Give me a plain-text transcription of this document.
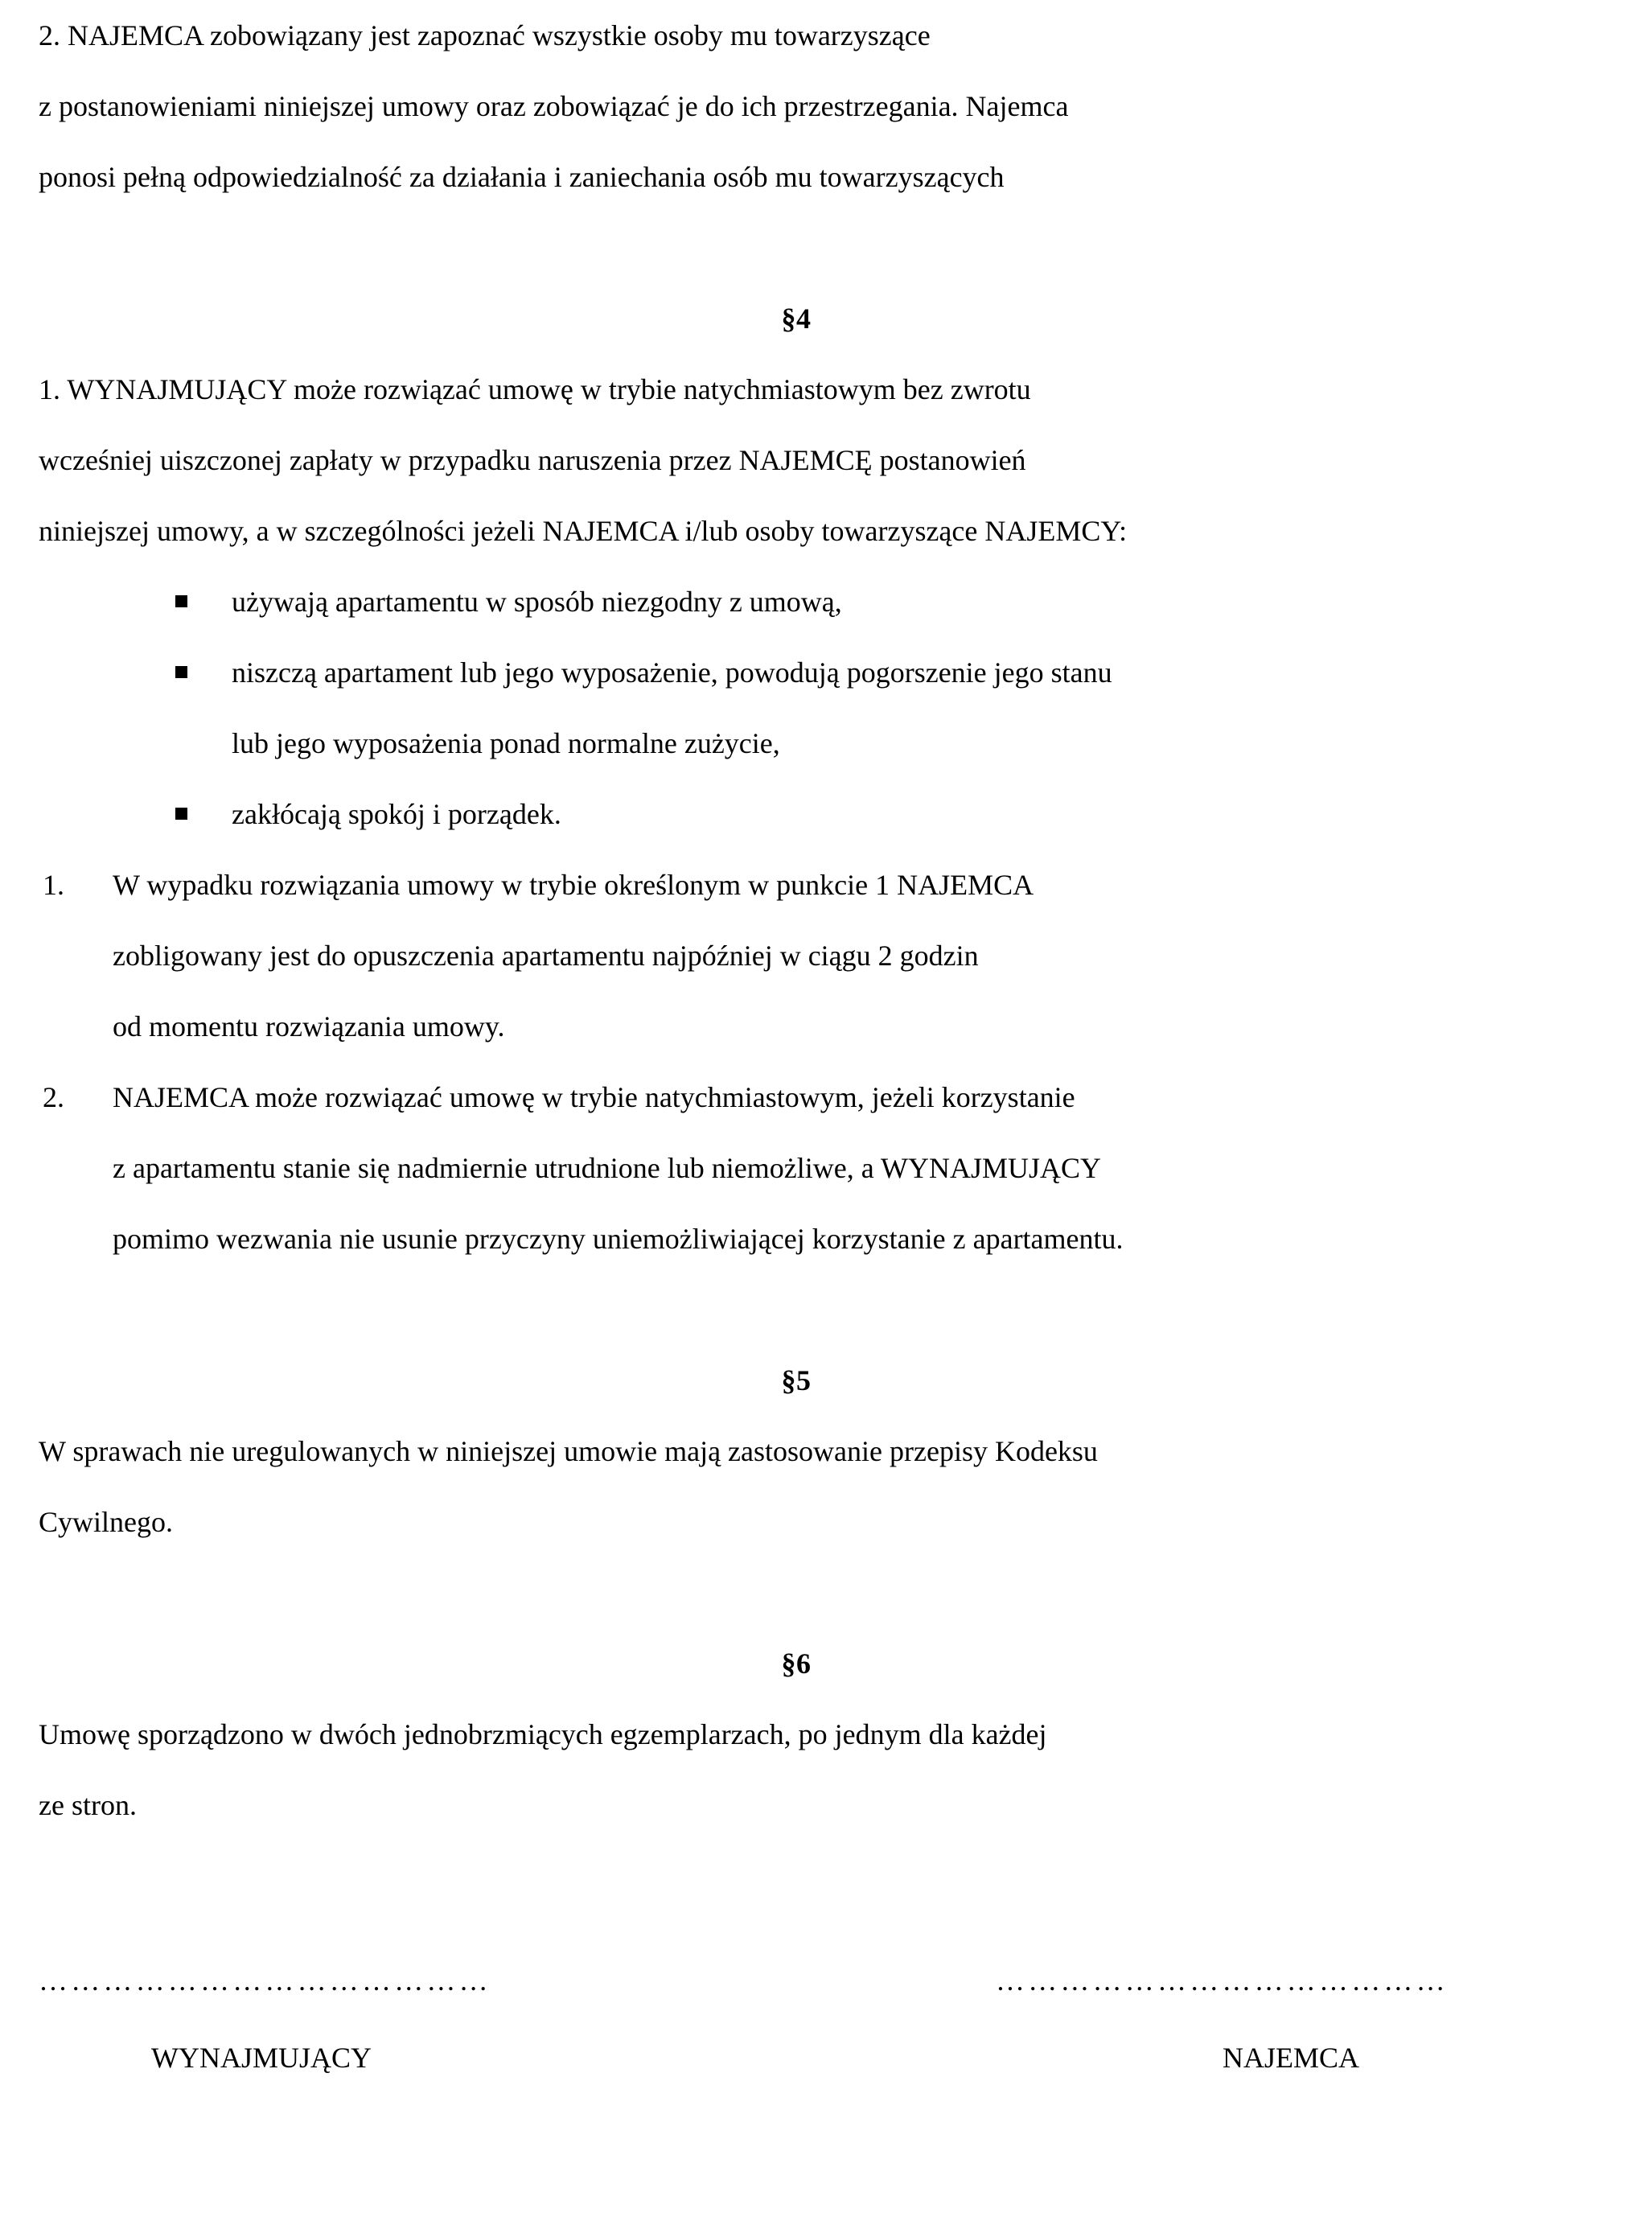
2. NAJEMCA zobowiązany jest zapoznać wszystkie osoby mu towarzyszące
z postanowieniami niniejszej umowy oraz zobowiązać je do ich przestrzegania. Najemca
ponosi pełną odpowiedzialność za działania i zaniechania osób mu towarzyszących

§4

1. WYNAJMUJĄCY może rozwiązać umowę w trybie natychmiastowym bez zwrotu
wcześniej uiszczonej zapłaty w przypadku naruszenia przez NAJEMCĘ postanowień
niniejszej umowy, a w szczególności jeżeli NAJEMCA i/lub osoby towarzyszące NAJEMCY:

używają apartamentu w sposób niezgodny z umową,
niszczą apartament lub jego wyposażenie, powodują pogorszenie jego stanu
lub jego wyposażenia ponad normalne zużycie,
zakłócają spokój i porządek.
1.	W wypadku rozwiązania umowy w trybie określonym w punkcie 1 NAJEMCA
zobligowany jest do opuszczenia apartamentu najpóźniej w ciągu 2 godzin
od momentu rozwiązania umowy.
2.	NAJEMCA może rozwiązać umowę w trybie natychmiastowym, jeżeli korzystanie
z apartamentu stanie się nadmiernie utrudnione lub niemożliwe, a WYNAJMUJĄCY
pomimo wezwania nie usunie przyczyny uniemożliwiającej korzystanie z apartamentu.
§5

W sprawach nie uregulowanych w niniejszej umowie mają zastosowanie przepisy Kodeksu
Cywilnego.

§6

Umowę sporządzono w dwóch jednobrzmiących egzemplarzach, po jednym dla każdej
ze stron.

……………………………………	……………………………………
WYNAJMUJĄCY	NAJEMCA
